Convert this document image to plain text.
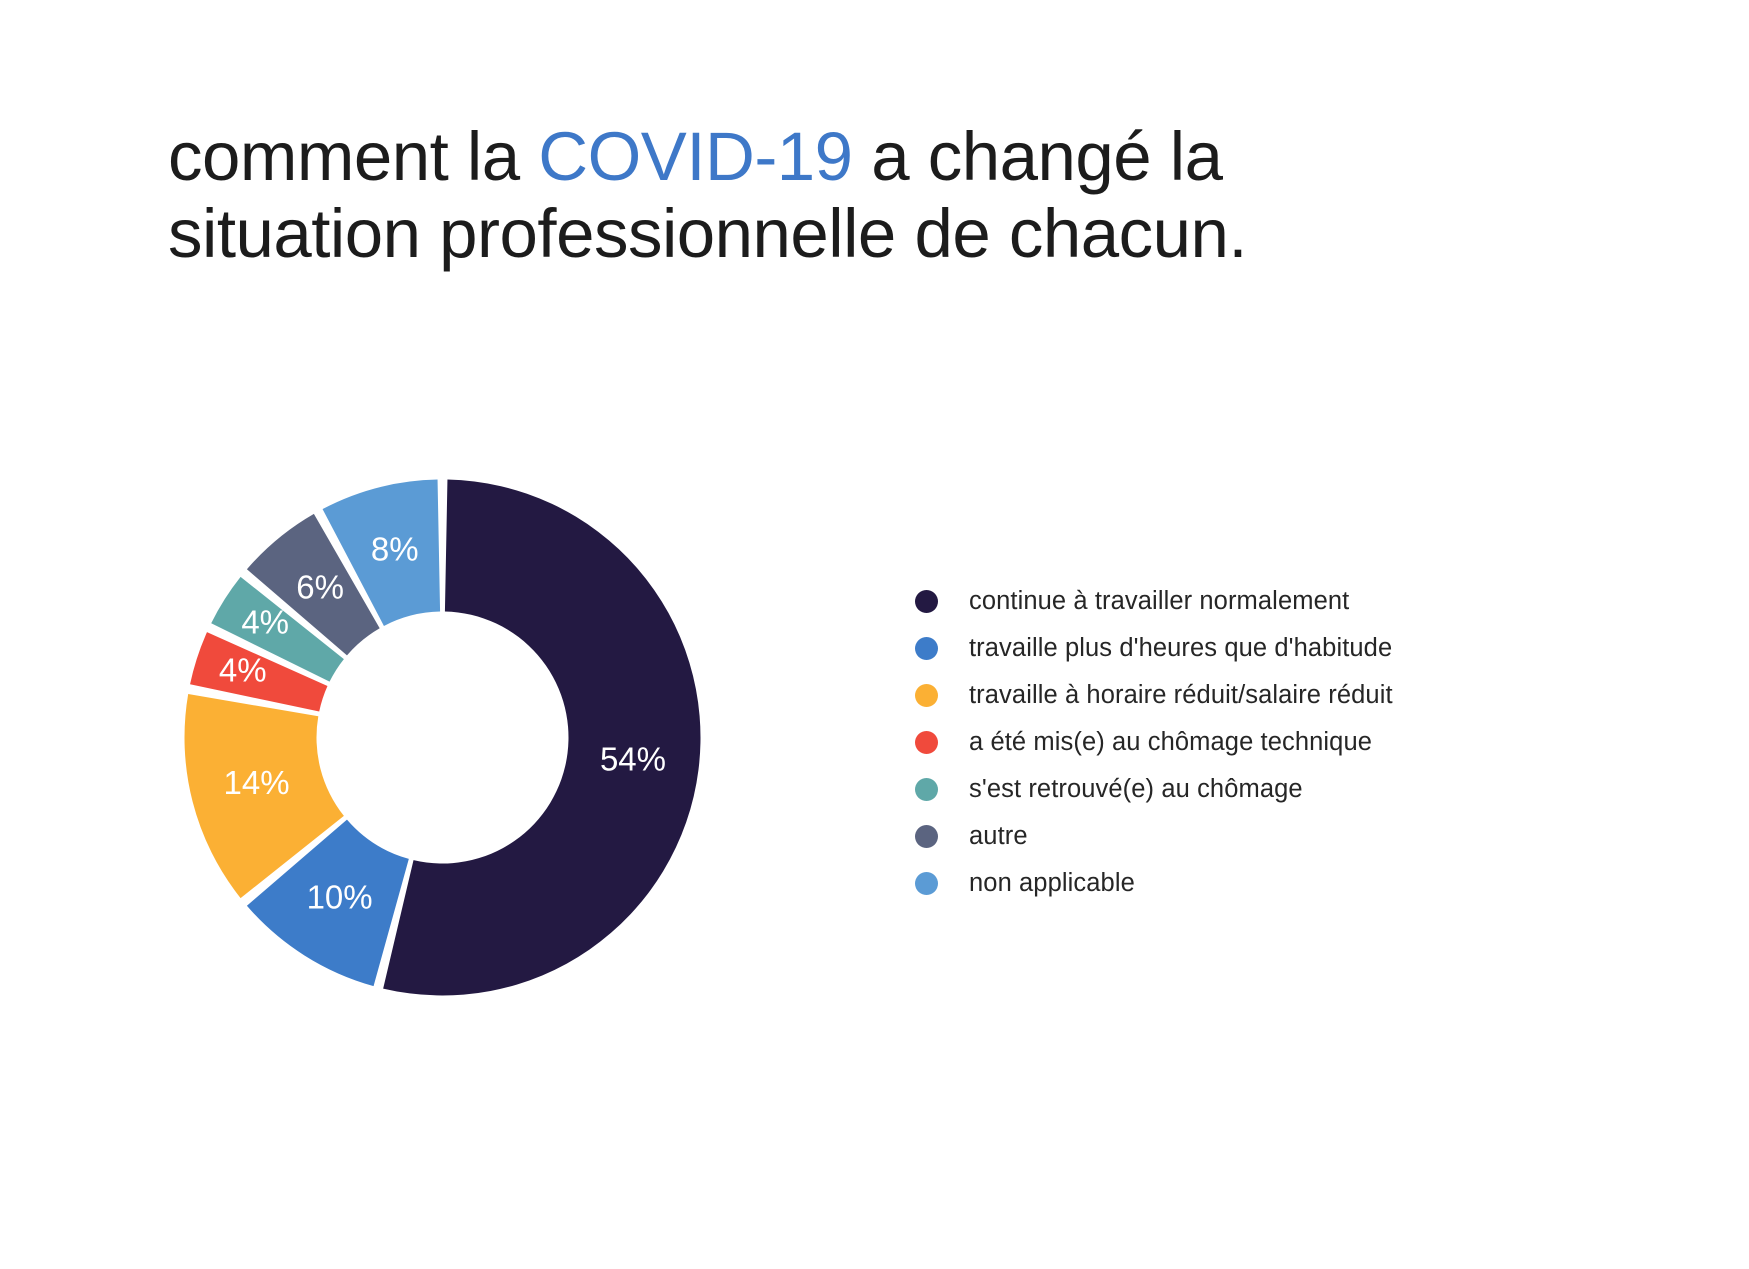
comment la COVID-19 a changé la
situation professionnelle de chacun.
54%
10%
14%
4%
4%
6%
8%
continue à travailler normalement
travaille plus d'heures que d'habitude
travaille à horaire réduit/salaire réduit
a été mis(e) au chômage technique
s'est retrouvé(e) au chômage
autre
non applicable
